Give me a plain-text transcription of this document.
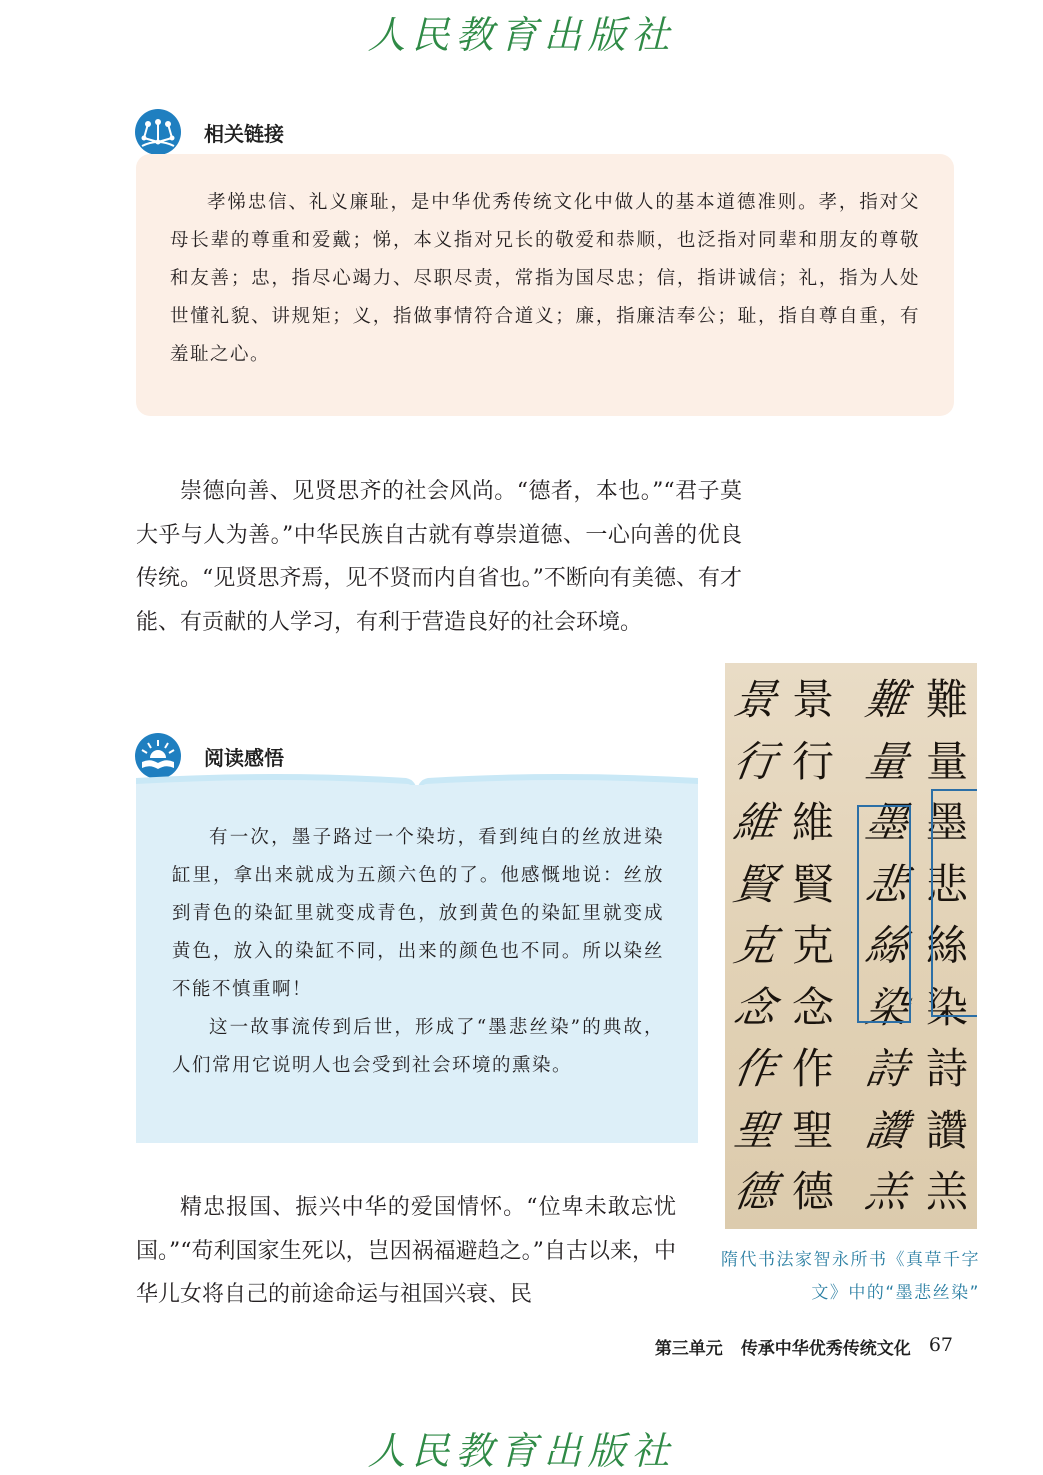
人民教育出版社
相关链接

孝悌忠信、礼义廉耻，是中华优秀传统文化中做人的基本道德准则。孝，指对父母长辈的尊重和爱戴；悌，本义指对兄长的敬爱和恭顺，也泛指对同辈和朋友的尊敬和友善；忠，指尽心竭力、尽职尽责，常指为国尽忠；信，指讲诚信；礼，指为人处世懂礼貌、讲规矩；义，指做事情符合道义；廉，指廉洁奉公；耻，指自尊自重，有羞耻之心。

崇德向善、见贤思齐的社会风尚。“德者，本也。”“君子莫大乎与人为善。”中华民族自古就有尊崇道德、一心向善的优良传统。“见贤思齐焉，见不贤而内自省也。”不断向有美德、有才能、有贡献的人学习，有利于营造良好的社会环境。

阅读感悟

有一次，墨子路过一个染坊，看到纯白的丝放进染缸里，拿出来就成为五颜六色的了。他感慨地说：丝放到青色的染缸里就变成青色，放到黄色的染缸里就变成黄色，放入的染缸不同，出来的颜色也不同。所以染丝不能不慎重啊！

这一故事流传到后世，形成了“墨悲丝染”的典故，人们常用它说明人也会受到社会环境的熏染。

精忠报国、振兴中华的爱国情怀。“位卑未敢忘忧国。”“苟利国家生死以，岂因祸福避趋之。”自古以来，中华儿女将自己的前途命运与祖国兴衰、民

難
量
墨
悲
絲
染
詩
讚
羔
難
量
墨
悲
絲
染
詩
讚
羔
景
行
維
賢
克
念
作
聖
德
景
行
維
賢
克
念
作
聖
德
隋代书法家智永所书《真草千字文》中的“墨悲丝染”
第三单元 传承中华优秀传统文化 67
人民教育出版社
